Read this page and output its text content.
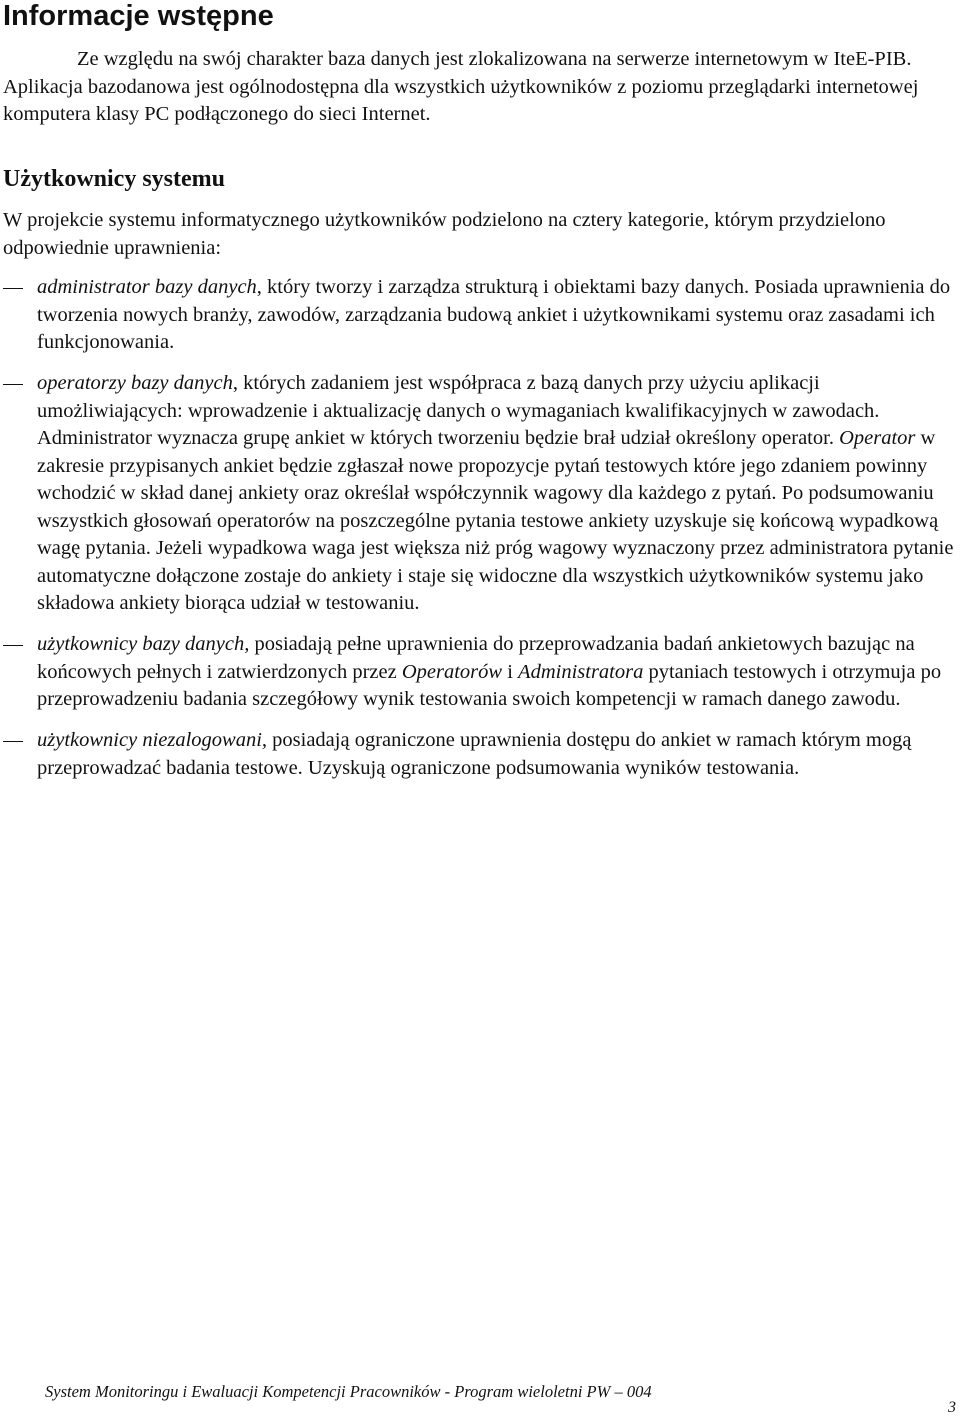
Informacje wstępne

Ze względu na swój charakter baza danych jest zlokalizowana na serwerze internetowym w IteE-PIB. Aplikacja bazodanowa jest ogólnodostępna dla wszystkich użytkowników z poziomu przeglądarki internetowej komputera klasy PC podłączonego do sieci Internet.

Użytkownicy systemu

W projekcie systemu informatycznego użytkowników podzielono na cztery kategorie, którym przydzielono odpowiednie uprawnienia:

administrator bazy danych, który tworzy i zarządza strukturą i obiektami bazy danych. Posiada uprawnienia do tworzenia nowych branży, zawodów, zarządzania budową ankiet i użytkownikami systemu oraz zasadami ich funkcjonowania.
operatorzy bazy danych, których zadaniem jest współpraca z bazą danych przy użyciu aplikacji umożliwiających: wprowadzenie i aktualizację danych o wymaganiach kwalifikacyjnych w zawodach. Administrator wyznacza grupę ankiet w których tworzeniu będzie brał udział określony operator. Operator w zakresie przypisanych ankiet będzie zgłaszał nowe propozycje pytań testowych które jego zdaniem powinny wchodzić w skład danej ankiety oraz określał współczynnik wagowy dla każdego z pytań. Po podsumowaniu wszystkich głosowań operatorów na poszczególne pytania testowe ankiety uzyskuje się końcową wypadkową wagę pytania. Jeżeli wypadkowa waga jest większa niż próg wagowy wyznaczony przez administratora pytanie automatyczne dołączone zostaje do ankiety i staje się widoczne dla wszystkich użytkowników systemu jako składowa ankiety biorąca udział w testowaniu.
użytkownicy bazy danych, posiadają pełne uprawnienia do przeprowadzania badań ankietowych bazując na końcowych pełnych i zatwierdzonych przez Operatorów i Administratora pytaniach testowych i otrzymuja po przeprowadzeniu badania szczegółowy wynik testowania swoich kompetencji w ramach danego zawodu.
użytkownicy niezalogowani, posiadają ograniczone uprawnienia dostępu do ankiet w ramach którym mogą przeprowadzać badania testowe. Uzyskują ograniczone podsumowania wyników testowania.

System Monitoringu i Ewaluacji Kompetencji Pracowników - Program wieloletni PW – 004

3
